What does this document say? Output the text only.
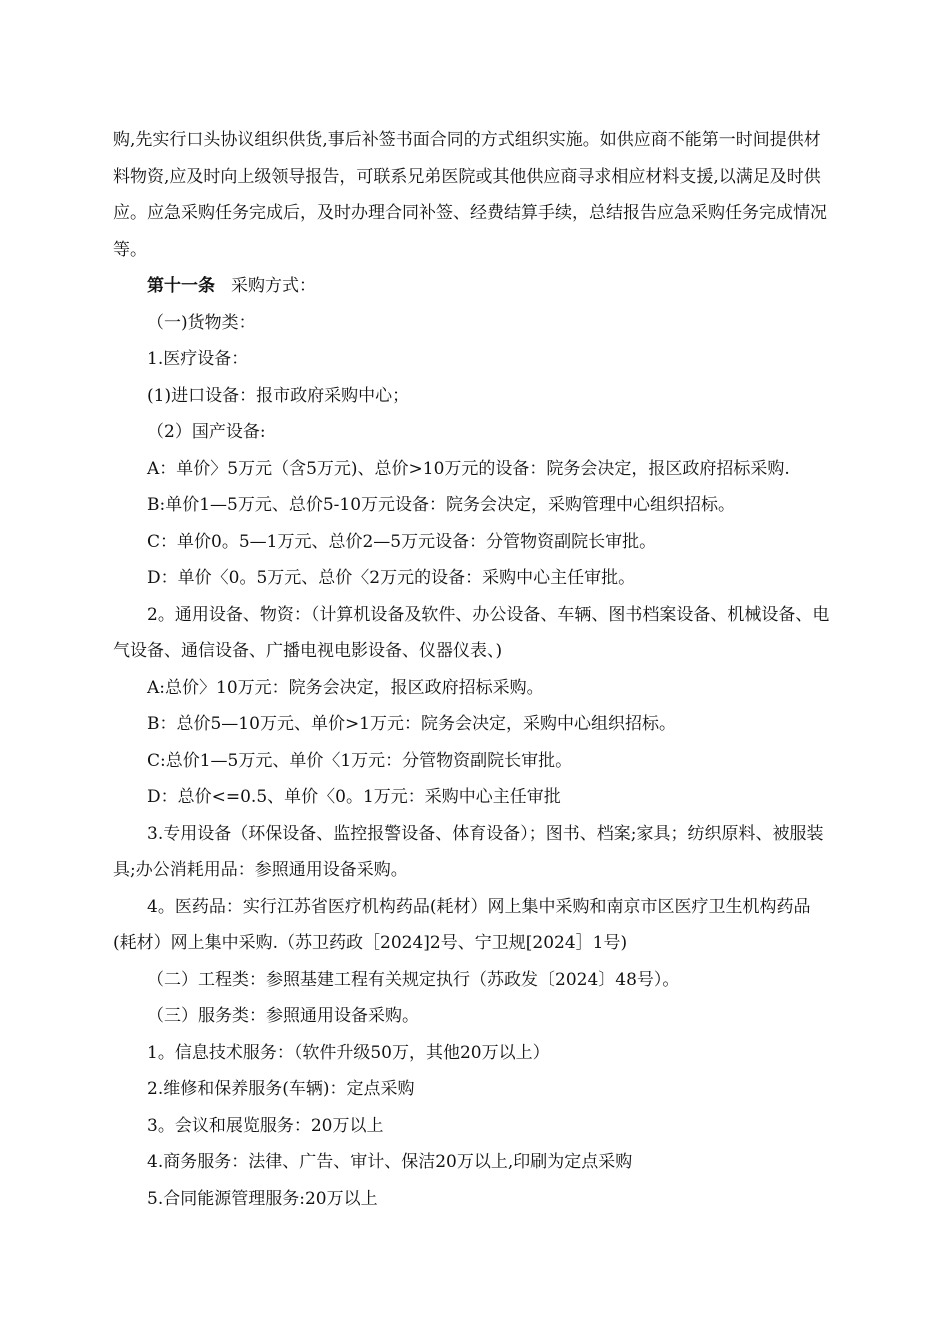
购,先实行口头协议组织供货,事后补签书面合同的方式组织实施。如供应商不能第一时间提供材料物资,应及时向上级领导报告，可联系兄弟医院或其他供应商寻求相应材料支援,以满足及时供应。应急采购任务完成后，及时办理合同补签、经费结算手续，总结报告应急采购任务完成情况等。

第十一条 采购方式：

（一)货物类：

1.医疗设备：

(1)进口设备：报市政府采购中心；

（2）国产设备:

A：单价〉5万元（含5万元)、总价>10万元的设备：院务会决定，报区政府招标采购.

B:单价1—5万元、总价5-10万元设备：院务会决定，采购管理中心组织招标。

C：单价0。5—1万元、总价2—5万元设备：分管物资副院长审批。

D：单价〈0。5万元、总价〈2万元的设备：采购中心主任审批。

2。通用设备、物资：（计算机设备及软件、办公设备、车辆、图书档案设备、机械设备、电气设备、通信设备、广播电视电影设备、仪器仪表、)

A:总价〉10万元：院务会决定，报区政府招标采购。

B：总价5—10万元、单价>1万元：院务会决定，采购中心组织招标。

C:总价1—5万元、单价〈1万元：分管物资副院长审批。

D：总价<=0.5、单价〈0。1万元：采购中心主任审批

3.专用设备（环保设备、监控报警设备、体育设备）；图书、档案;家具；纺织原料、被服装具;办公消耗用品：参照通用设备采购。

4。医药品：实行江苏省医疗机构药品(耗材）网上集中采购和南京市区医疗卫生机构药品(耗材）网上集中采购.（苏卫药政［2024]2号、宁卫规[2024］1号)

（二）工程类：参照基建工程有关规定执行（苏政发〔2024〕48号）。

（三）服务类：参照通用设备采购。

1。信息技术服务：（软件升级50万，其他20万以上）

2.维修和保养服务(车辆)：定点采购

3。会议和展览服务：20万以上

4.商务服务：法律、广告、审计、保洁20万以上,印刷为定点采购

5.合同能源管理服务:20万以上
